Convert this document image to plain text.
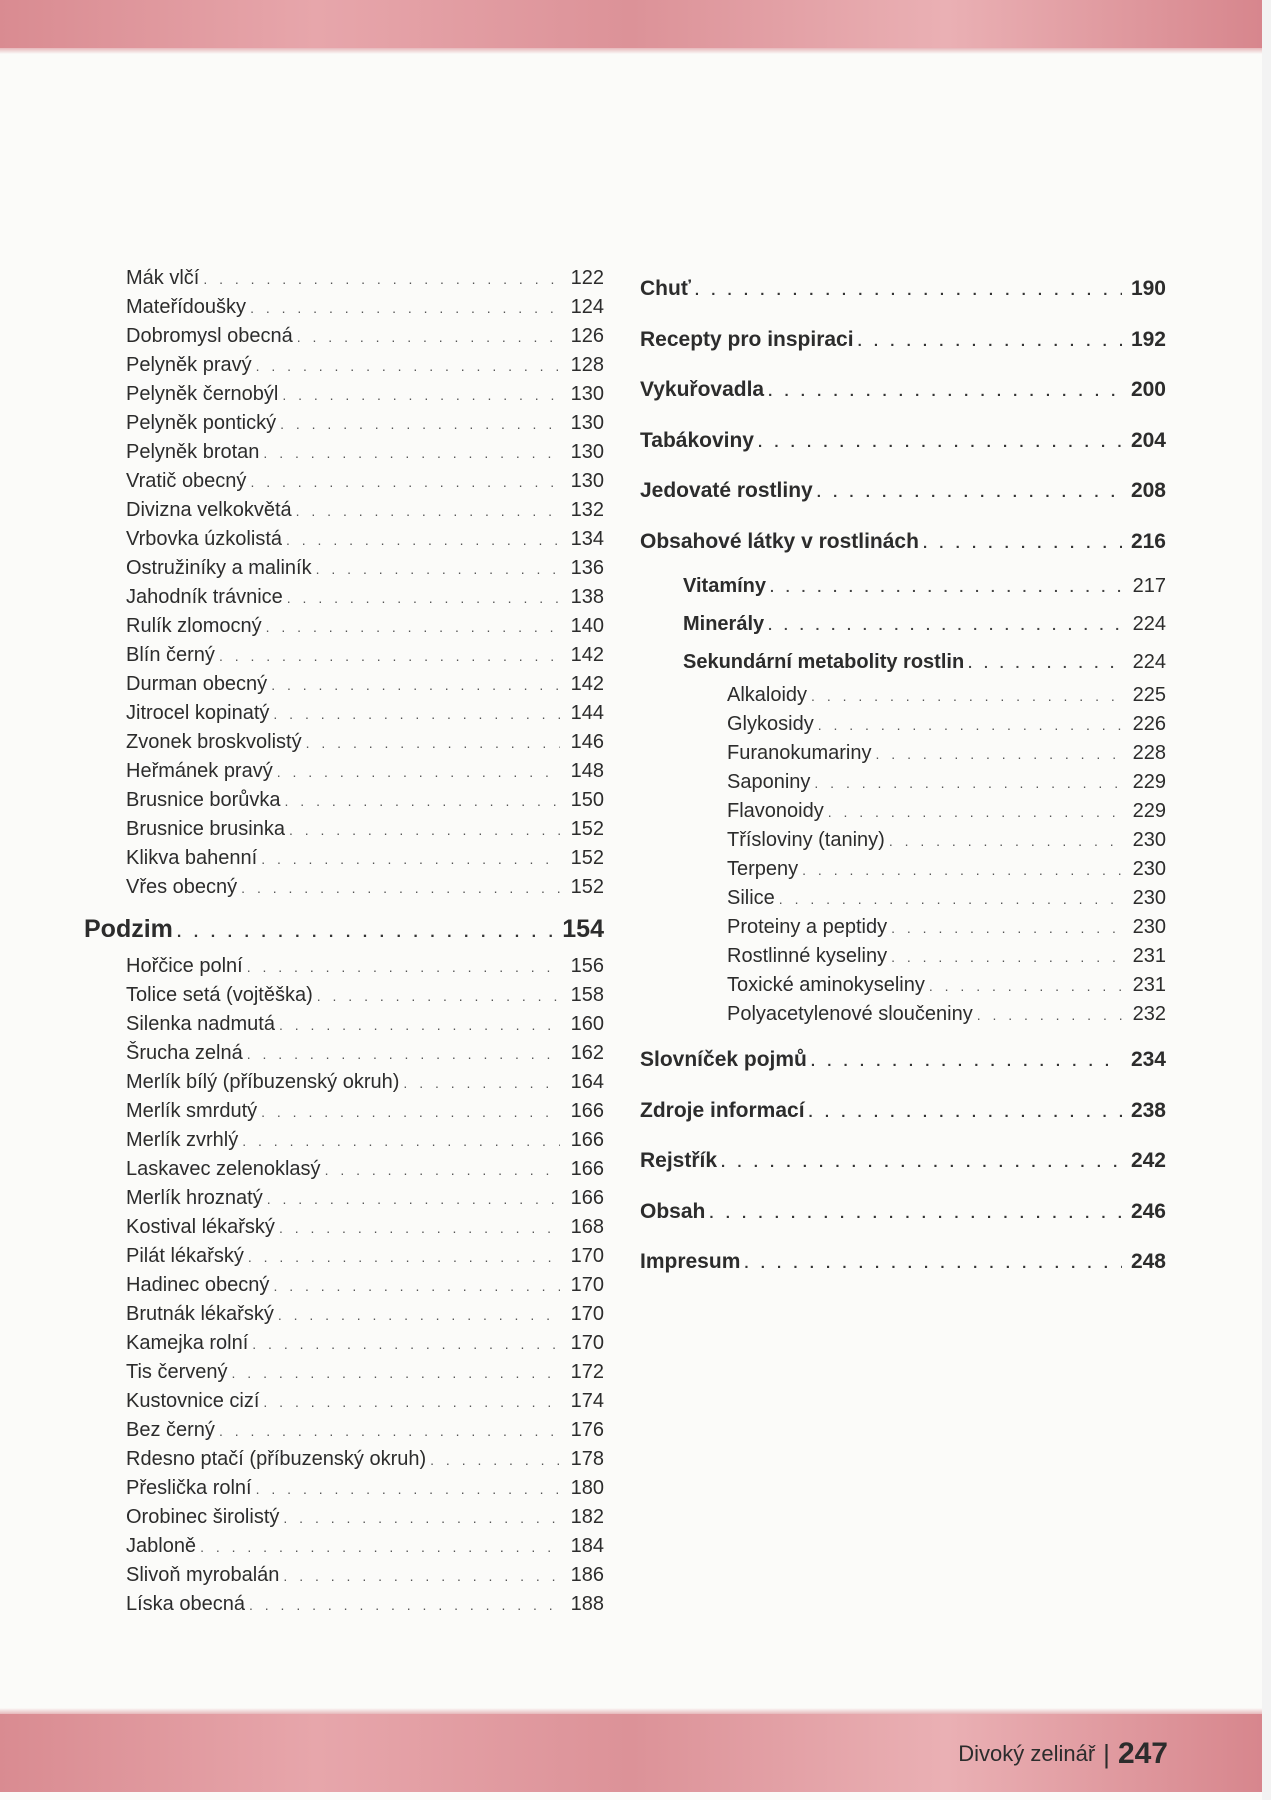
Mák vlčí . . .	122
Mateřídoušky . . .	124
Dobromysl obecná . . .	126
Pelyněk pravý . . .	128
Pelyněk černobýl . . .	130
Pelyněk pontický . . .	130
Pelyněk brotan . . .	130
Vratič obecný . . .	130
Divizna velkokvětá . . .	132
Vrbovka úzkolistá . . .	134
Ostružiníky a maliník . . .	136
Jahodník trávnice . . .	138
Rulík zlomocný . . .	140
Blín černý . . .	142
Durman obecný . . .	142
Jitrocel kopinatý . . .	144
Zvonek broskvolistý . . .	146
Heřmánek pravý . . .	148
Brusnice borůvka . . .	150
Brusnice brusinka . . .	152
Klikva bahenní . . .	152
Vřes obecný . . .	152
Podzim . . .	154
Hořčice polní . . .	156
Tolice setá (vojtěška) . . .	158
Silenka nadmutá . . .	160
Šrucha zelná . . .	162
Merlík bílý (příbuzenský okruh) . . .	164
Merlík smrdutý . . .	166
Merlík zvrhlý . . .	166
Laskavec zelenoklasý . . .	166
Merlík hroznatý . . .	166
Kostival lékařský . . .	168
Pilát lékařský . . .	170
Hadinec obecný . . .	170
Brutnák lékařský . . .	170
Kamejka rolní . . .	170
Tis červený . . .	172
Kustovnice cizí . . .	174
Bez černý . . .	176
Rdesno ptačí (příbuzenský okruh) . . .	178
Přeslička rolní . . .	180
Orobinec širolistý . . .	182
Jabloně . . .	184
Slivoň myrobalán . . .	186
Líska obecná . . .	188
Chuť . . .	190
Recepty pro inspiraci . . .	192
Vykuřovadla . . .	200
Tabákoviny . . .	204
Jedovaté rostliny . . .	208
Obsahové látky v rostlinách . . .	216
Vitamíny . . .	217
Minerály . . .	224
Sekundární metabolity rostlin . . .	224
Alkaloidy . . .	225
Glykosidy . . .	226
Furanokumariny . . .	228
Saponiny . . .	229
Flavonoidy . . .	229
Třísloviny (taniny) . . .	230
Terpeny . . .	230
Silice . . .	230
Proteiny a peptidy . . .	230
Rostlinné kyseliny . . .	231
Toxické aminokyseliny . . .	231
Polyacetylenové sloučeniny . . .	232
Slovníček pojmů . . .	234
Zdroje informací . . .	238
Rejstřík . . .	242
Obsah . . .	246
Impresum . . .	248
Divoký zelinář | 247
